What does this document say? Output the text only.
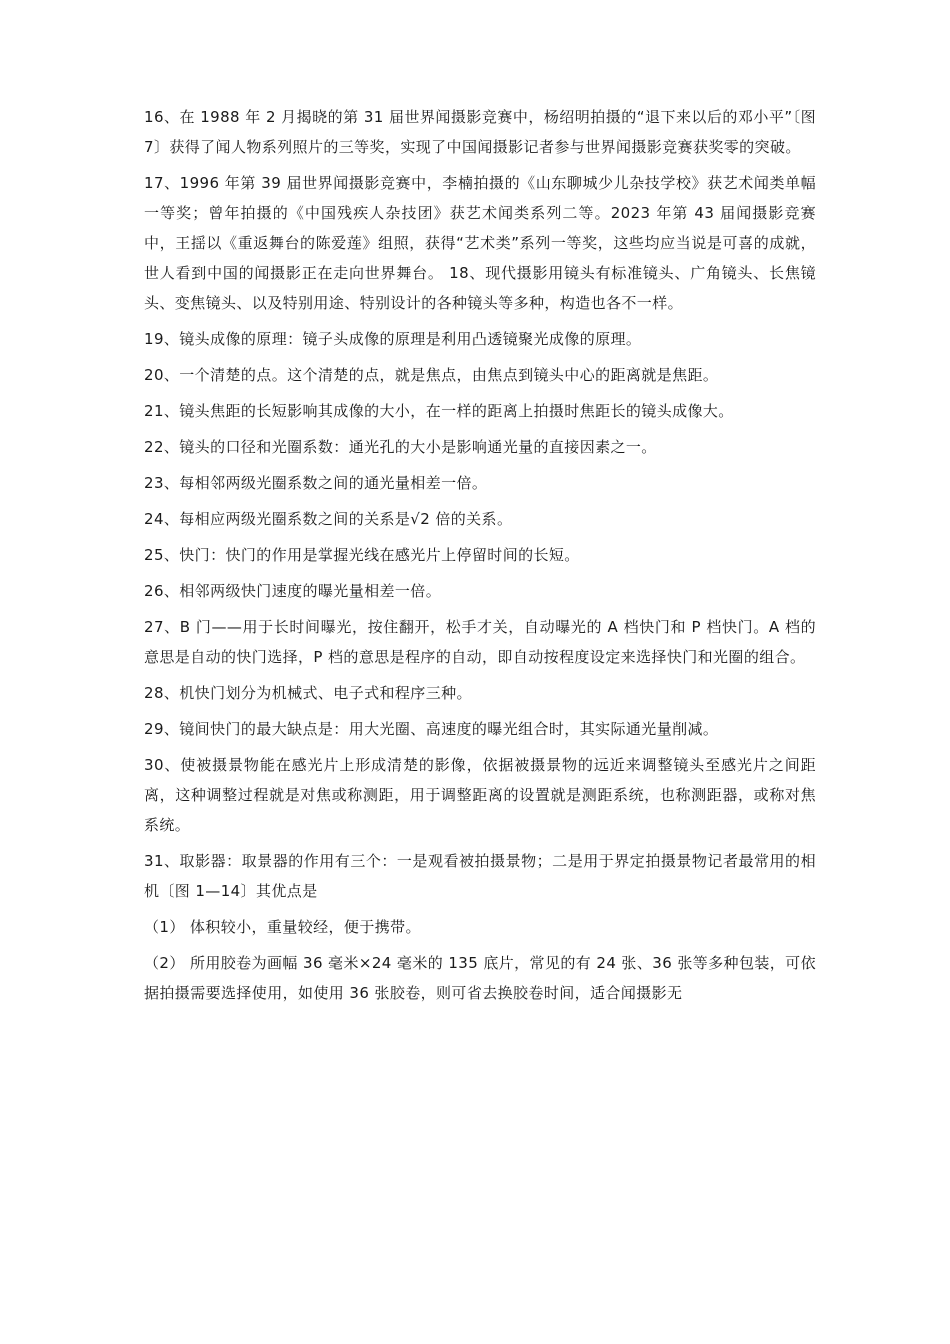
16、在 1988 年 2 月揭晓的第 31 届世界闻摄影竞赛中，杨绍明拍摄的“退下来以后的邓小平”〔图 7〕获得了闻人物系列照片的三等奖，实现了中国闻摄影记者参与世界闻摄影竞赛获奖零的突破。

17、1996 年第 39 届世界闻摄影竞赛中，李楠拍摄的《山东聊城少儿杂技学校》获艺术闻类单幅一等奖；曾年拍摄的《中国残疾人杂技团》获艺术闻类系列二等。2023 年第 43 届闻摄影竞赛中，王揺以《重返舞台的陈爱莲》组照，获得“艺术类”系列一等奖，这些均应当说是可喜的成就，世人看到中国的闻摄影正在走向世界舞台。 18、现代摄影用镜头有标准镜头、广角镜头、长焦镜头、变焦镜头、以及特别用途、特别设计的各种镜头等多种，构造也各不一样。

19、镜头成像的原理：镜子头成像的原理是利用凸透镜聚光成像的原理。

20、一个清楚的点。这个清楚的点，就是焦点，由焦点到镜头中心的距离就是焦距。

21、镜头焦距的长短影响其成像的大小，在一样的距离上拍摄时焦距长的镜头成像大。

22、镜头的口径和光圈系数：通光孔的大小是影响通光量的直接因素之一。

23、每相邻两级光圈系数之间的通光量相差一倍。

24、每相应两级光圈系数之间的关系是√2 倍的关系。

25、快门：快门的作用是掌握光线在感光片上停留时间的长短。

26、相邻两级快门速度的曝光量相差一倍。

27、B 门——用于长时间曝光，按住翻开，松手才关，自动曝光的 A 档快门和 P 档快门。A 档的意思是自动的快门选择，P 档的意思是程序的自动，即自动按程度设定来选择快门和光圈的组合。

28、机快门划分为机械式、电子式和程序三种。

29、镜间快门的最大缺点是：用大光圈、高速度的曝光组合时，其实际通光量削减。

30、使被摄景物能在感光片上形成清楚的影像，依据被摄景物的远近来调整镜头至感光片之间距离，这种调整过程就是对焦或称测距，用于调整距离的设置就是测距系统，也称测距器，或称对焦系统。

31、取影器：取景器的作用有三个：一是观看被拍摄景物；二是用于界定拍摄景物记者最常用的相机〔图 1—14〕其优点是

（1） 体积较小，重量较经，便于携带。

（2） 所用胶卷为画幅 36 毫米×24 毫米的 135 底片，常见的有 24 张、36 张等多种包装，可依据拍摄需要选择使用，如使用 36 张胶卷，则可省去换胶卷时间，适合闻摄影无
